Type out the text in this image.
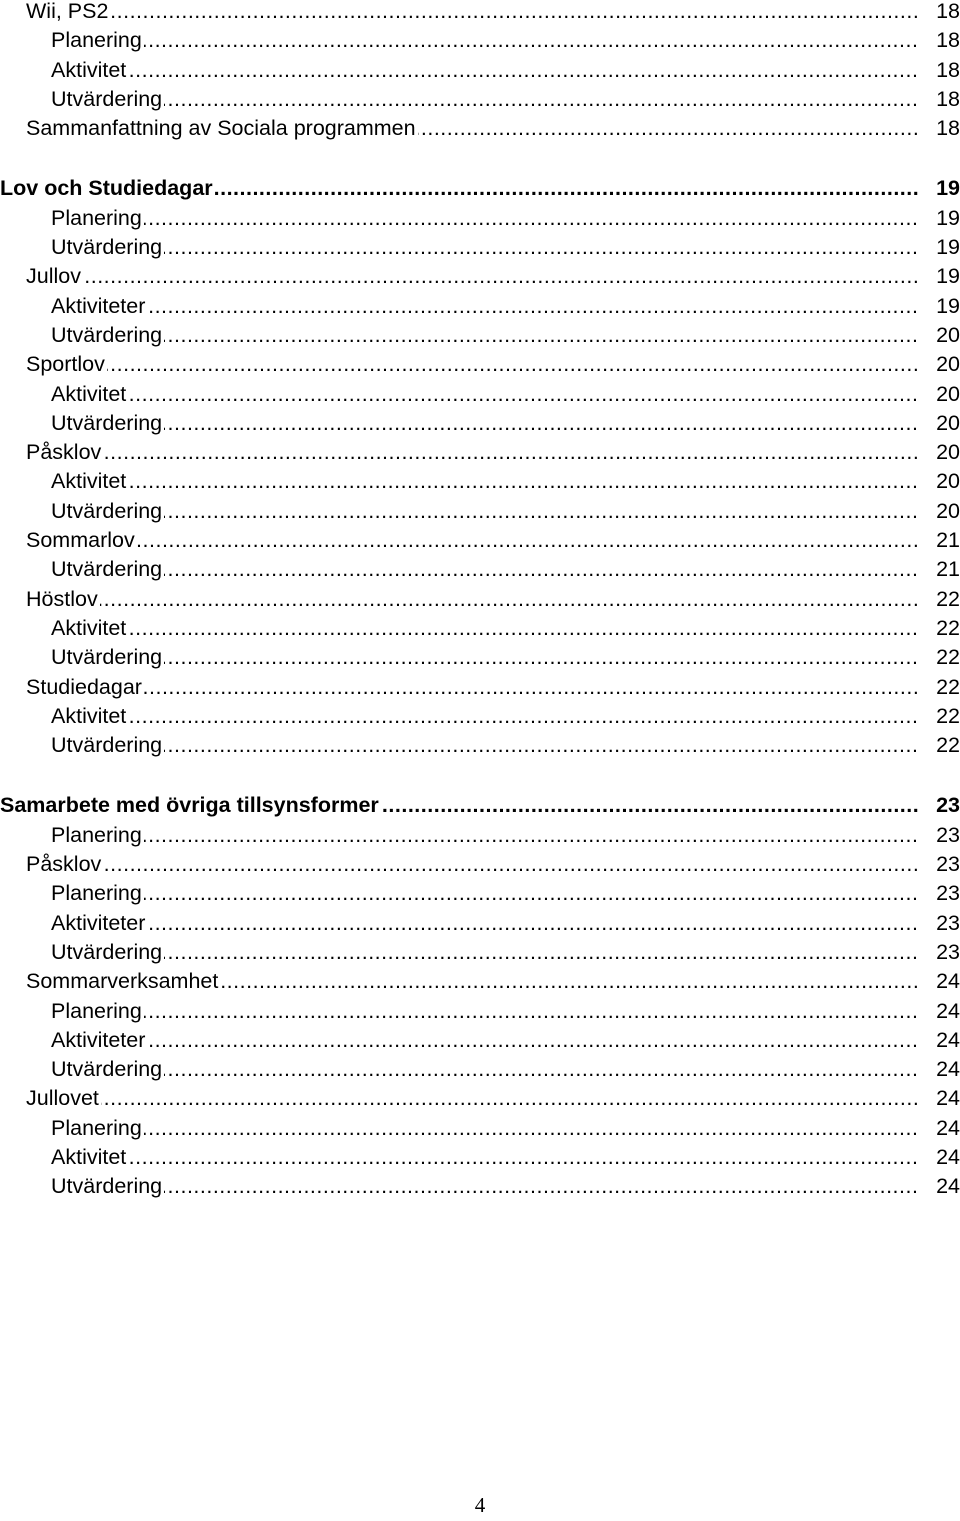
.....
Wii, PS2	18
.....
Planering	18
.....
Aktivitet	18
.....
Utvärdering	18
.....
Sammanfattning av Sociala programmen	18
.....
Lov och Studiedagar	19
.....
Planering	19
.....
Utvärdering	19
.....
Jullov	19
.....
Aktiviteter	19
.....
Utvärdering	20
.....
Sportlov	20
.....
Aktivitet	20
.....
Utvärdering	20
.....
Påsklov	20
.....
Aktivitet	20
.....
Utvärdering	20
.....
Sommarlov	21
.....
Utvärdering	21
.....
Höstlov	22
.....
Aktivitet	22
.....
Utvärdering	22
.....
Studiedagar	22
.....
Aktivitet	22
.....
Utvärdering	22
.....
Samarbete med övriga tillsynsformer	23
.....
Planering	23
.....
Påsklov	23
.....
Planering	23
.....
Aktiviteter	23
.....
Utvärdering	23
.....
Sommarverksamhet	24
.....
Planering	24
.....
Aktiviteter	24
.....
Utvärdering	24
.....
Jullovet	24
.....
Planering	24
.....
Aktivitet	24
.....
Utvärdering	24
4
